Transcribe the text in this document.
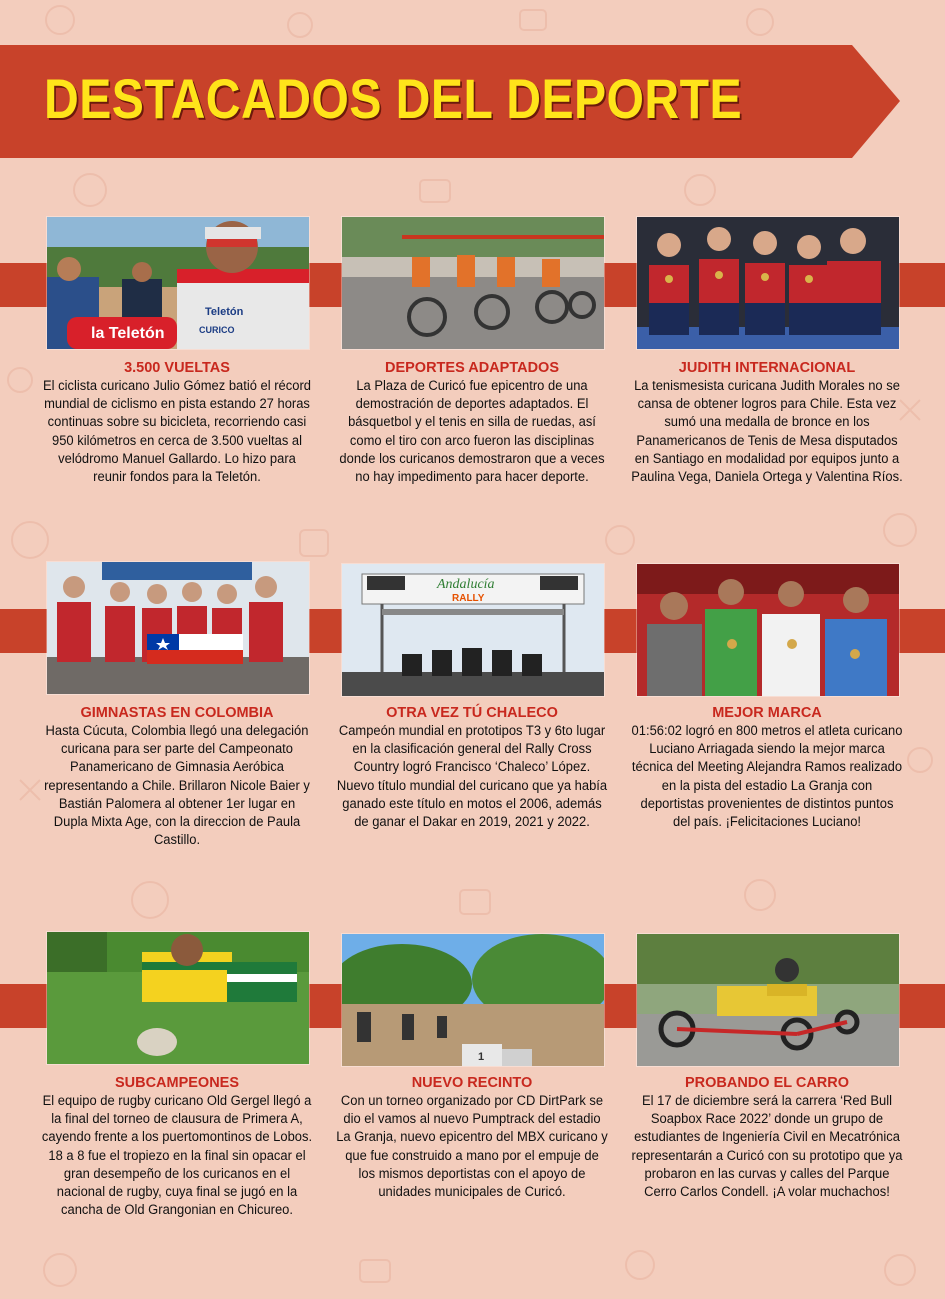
DESTACADOS DEL DEPORTE
la Teletón
Teletón
CURICO

3.500 VUELTAS

El ciclista curicano Julio Gómez batió el récord mundial de ciclismo en pista estando 27 horas continuas sobre su bicicleta, recorriendo casi 950 kilómetros en cerca de 3.500 vueltas al velódromo Manuel Gallardo. Lo hizo para reunir fondos para la Teletón.

DEPORTES ADAPTADOS

La Plaza de Curicó fue epicentro de una demostración de deportes adaptados. El básquetbol y el tenis en silla de ruedas, así como el tiro con arco fueron las disciplinas donde los curicanos demostraron que a veces no hay impedimento para hacer deporte.

JUDITH INTERNACIONAL

La tenismesista curicana Judith Morales no se cansa de obtener logros para Chile. Esta vez sumó una medalla de bronce en los Panamericanos de Tenis de Mesa disputados en Santiago en modalidad por equipos junto a Paulina Vega, Daniela Ortega y Valentina Ríos.

Andalucía
RALLY

GIMNASTAS EN COLOMBIA

Hasta Cúcuta, Colombia llegó una delegación curicana para ser parte del Campeonato Panamericano de Gimnasia Aeróbica representando a Chile. Brillaron Nicole Baier y Bastián Palomera al obtener 1er lugar en Dupla Mixta Age, con la direccion de Paula Castillo.

OTRA VEZ TÚ CHALECO

Campeón mundial en prototipos T3 y 6to lugar en la clasificación general del Rally Cross Country logró Francisco ‘Chaleco’ López. Nuevo título mundial del curicano que ya había ganado este título en motos el 2006, además de ganar el Dakar en 2019, 2021 y 2022.

MEJOR MARCA

01:56:02 logró en 800 metros el atleta curicano Luciano Arriagada siendo la mejor marca técnica del Meeting Alejandra Ramos realizado en la pista del estadio La Granja con deportistas provenientes de distintos puntos del país. ¡Felicitaciones Luciano!

1

SUBCAMPEONES

El equipo de rugby curicano Old Gergel llegó a la final del torneo de clausura de Primera A, cayendo frente a los puertomontinos de Lobos. 18 a 8 fue el tropiezo en la final sin opacar el gran desempeño de los curicanos en el nacional de rugby, cuya final se jugó en la cancha de Old Grangonian en Chicureo.

NUEVO RECINTO

Con un torneo organizado por CD DirtPark se dio el vamos al nuevo Pumptrack del estadio La Granja, nuevo epicentro del MBX curicano y que fue construido a mano por el empuje de los mismos deportistas con el apoyo de unidades municipales de Curicó.

PROBANDO EL CARRO

El 17 de diciembre será la carrera ‘Red Bull Soapbox Race 2022’ donde un grupo de estudiantes de Ingeniería Civil en Mecatrónica representarán a Curicó con su prototipo que ya probaron en las curvas y calles del Parque Cerro Carlos Condell. ¡A volar muchachos!
